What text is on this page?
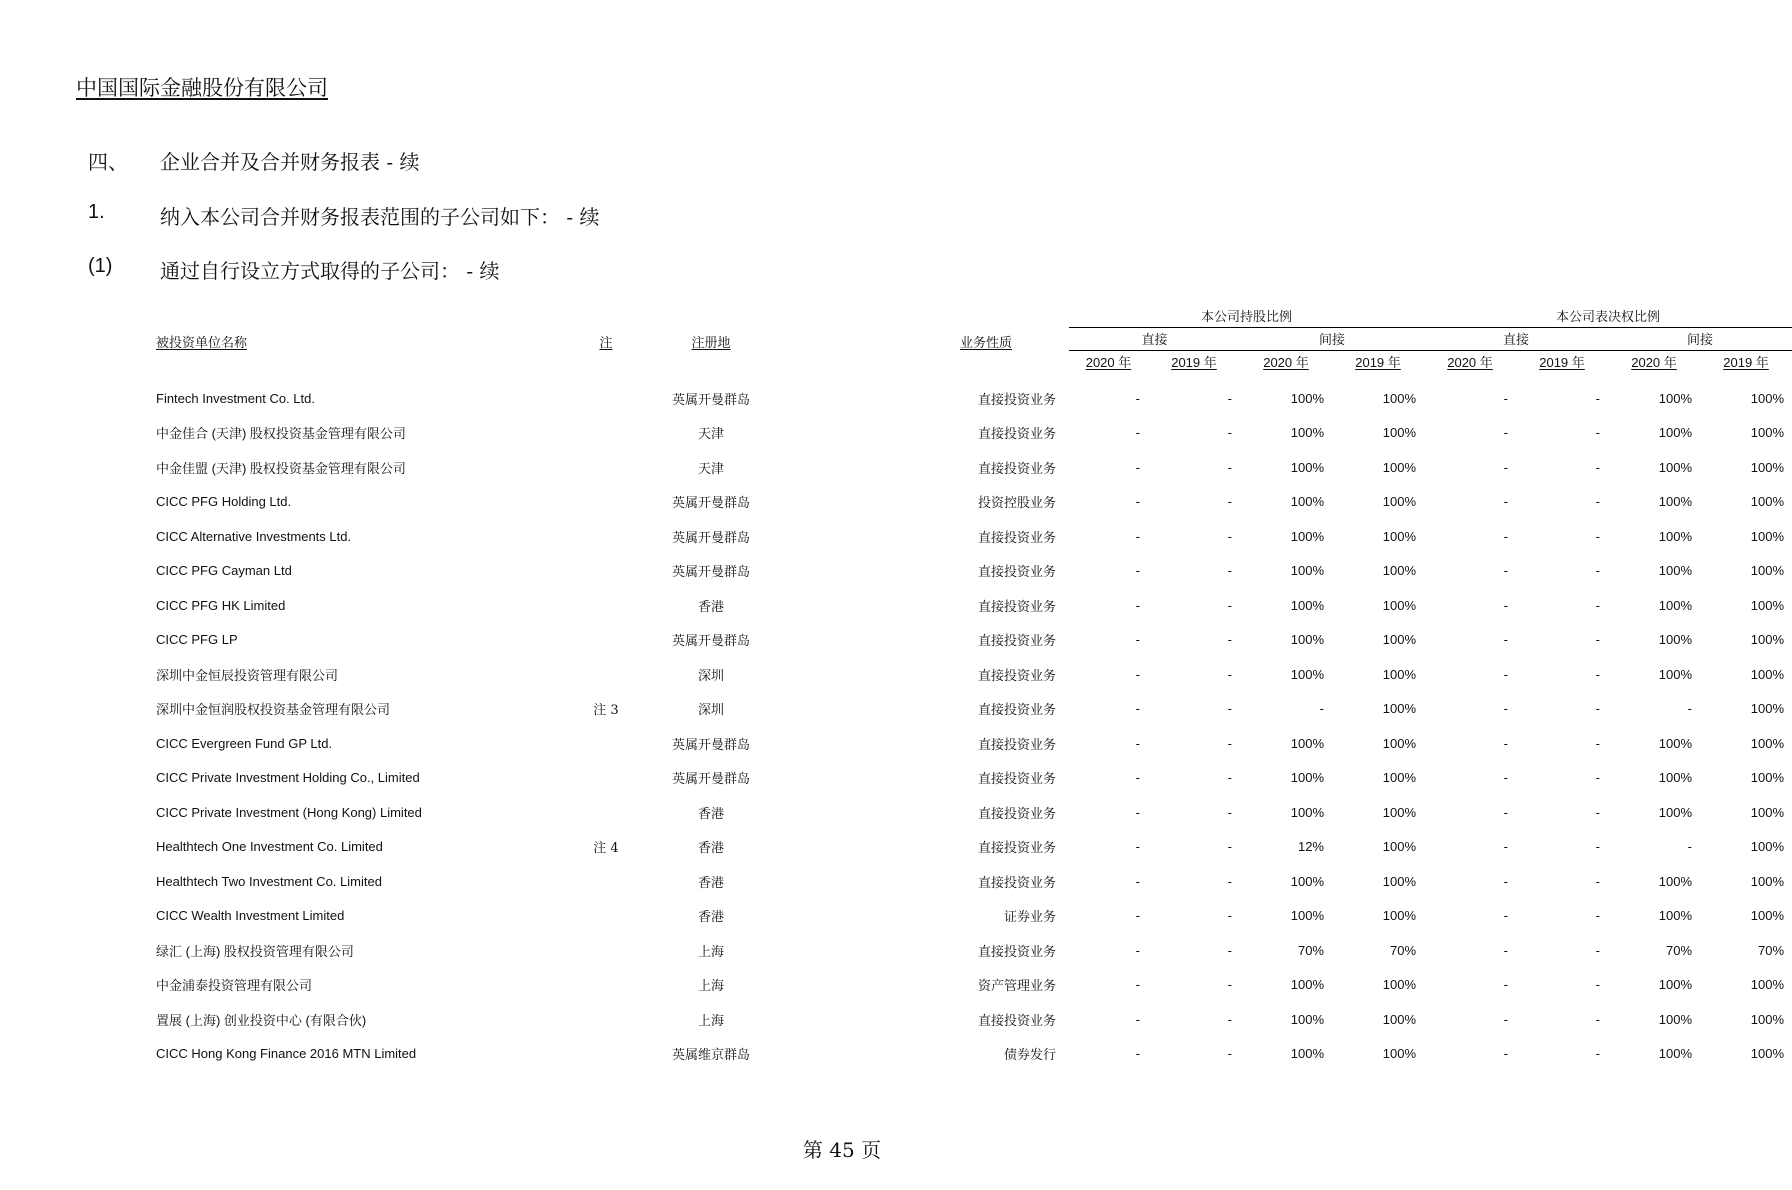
中国国际金融股份有限公司
四、 企业合并及合并财务报表 - 续
1.	纳入本公司合并财务报表范围的子公司如下： - 续
(1) 通过自行设立方式取得的子公司： - 续
					本公司持股比例				本公司表决权比例			
被投资单位名称	注	注册地	业务性质		直接		间接		直接		间接	
					2020 年	2019 年	2020 年	2019 年	2020 年	2019 年	2020 年	2019 年

Fintech Investment Co. Ltd.		英属开曼群岛	直接投资业务		-	-	100%	100%	-	-	100%	100%
中金佳合 (天津) 股权投资基金管理有限公司		天津	直接投资业务		-	-	100%	100%	-	-	100%	100%
中金佳盟 (天津) 股权投资基金管理有限公司		天津	直接投资业务		-	-	100%	100%	-	-	100%	100%
CICC PFG Holding Ltd.		英属开曼群岛	投资控股业务		-	-	100%	100%	-	-	100%	100%
CICC Alternative Investments Ltd.		英属开曼群岛	直接投资业务		-	-	100%	100%	-	-	100%	100%
CICC PFG Cayman Ltd		英属开曼群岛	直接投资业务		-	-	100%	100%	-	-	100%	100%
CICC PFG HK Limited		香港	直接投资业务		-	-	100%	100%	-	-	100%	100%
CICC PFG LP		英属开曼群岛	直接投资业务		-	-	100%	100%	-	-	100%	100%
深圳中金恒辰投资管理有限公司		深圳	直接投资业务		-	-	100%	100%	-	-	100%	100%
深圳中金恒润股权投资基金管理有限公司	注 3	深圳	直接投资业务		-	-	-	100%	-	-	-	100%
CICC Evergreen Fund GP Ltd.		英属开曼群岛	直接投资业务		-	-	100%	100%	-	-	100%	100%
CICC Private Investment Holding Co., Limited		英属开曼群岛	直接投资业务		-	-	100%	100%	-	-	100%	100%
CICC Private Investment (Hong Kong) Limited		香港	直接投资业务		-	-	100%	100%	-	-	100%	100%
Healthtech One Investment Co. Limited	注 4	香港	直接投资业务		-	-	12%	100%	-	-	-	100%
Healthtech Two Investment Co. Limited		香港	直接投资业务		-	-	100%	100%	-	-	100%	100%
CICC Wealth Investment Limited		香港	证券业务		-	-	100%	100%	-	-	100%	100%
绿汇 (上海) 股权投资管理有限公司		上海	直接投资业务		-	-	70%	70%	-	-	70%	70%
中金浦泰投资管理有限公司		上海	资产管理业务		-	-	100%	100%	-	-	100%	100%
置展 (上海) 创业投资中心 (有限合伙)		上海	直接投资业务		-	-	100%	100%	-	-	100%	100%
CICC Hong Kong Finance 2016 MTN Limited		英属维京群岛	债券发行		-	-	100%	100%	-	-	100%	100%
第 45 页
